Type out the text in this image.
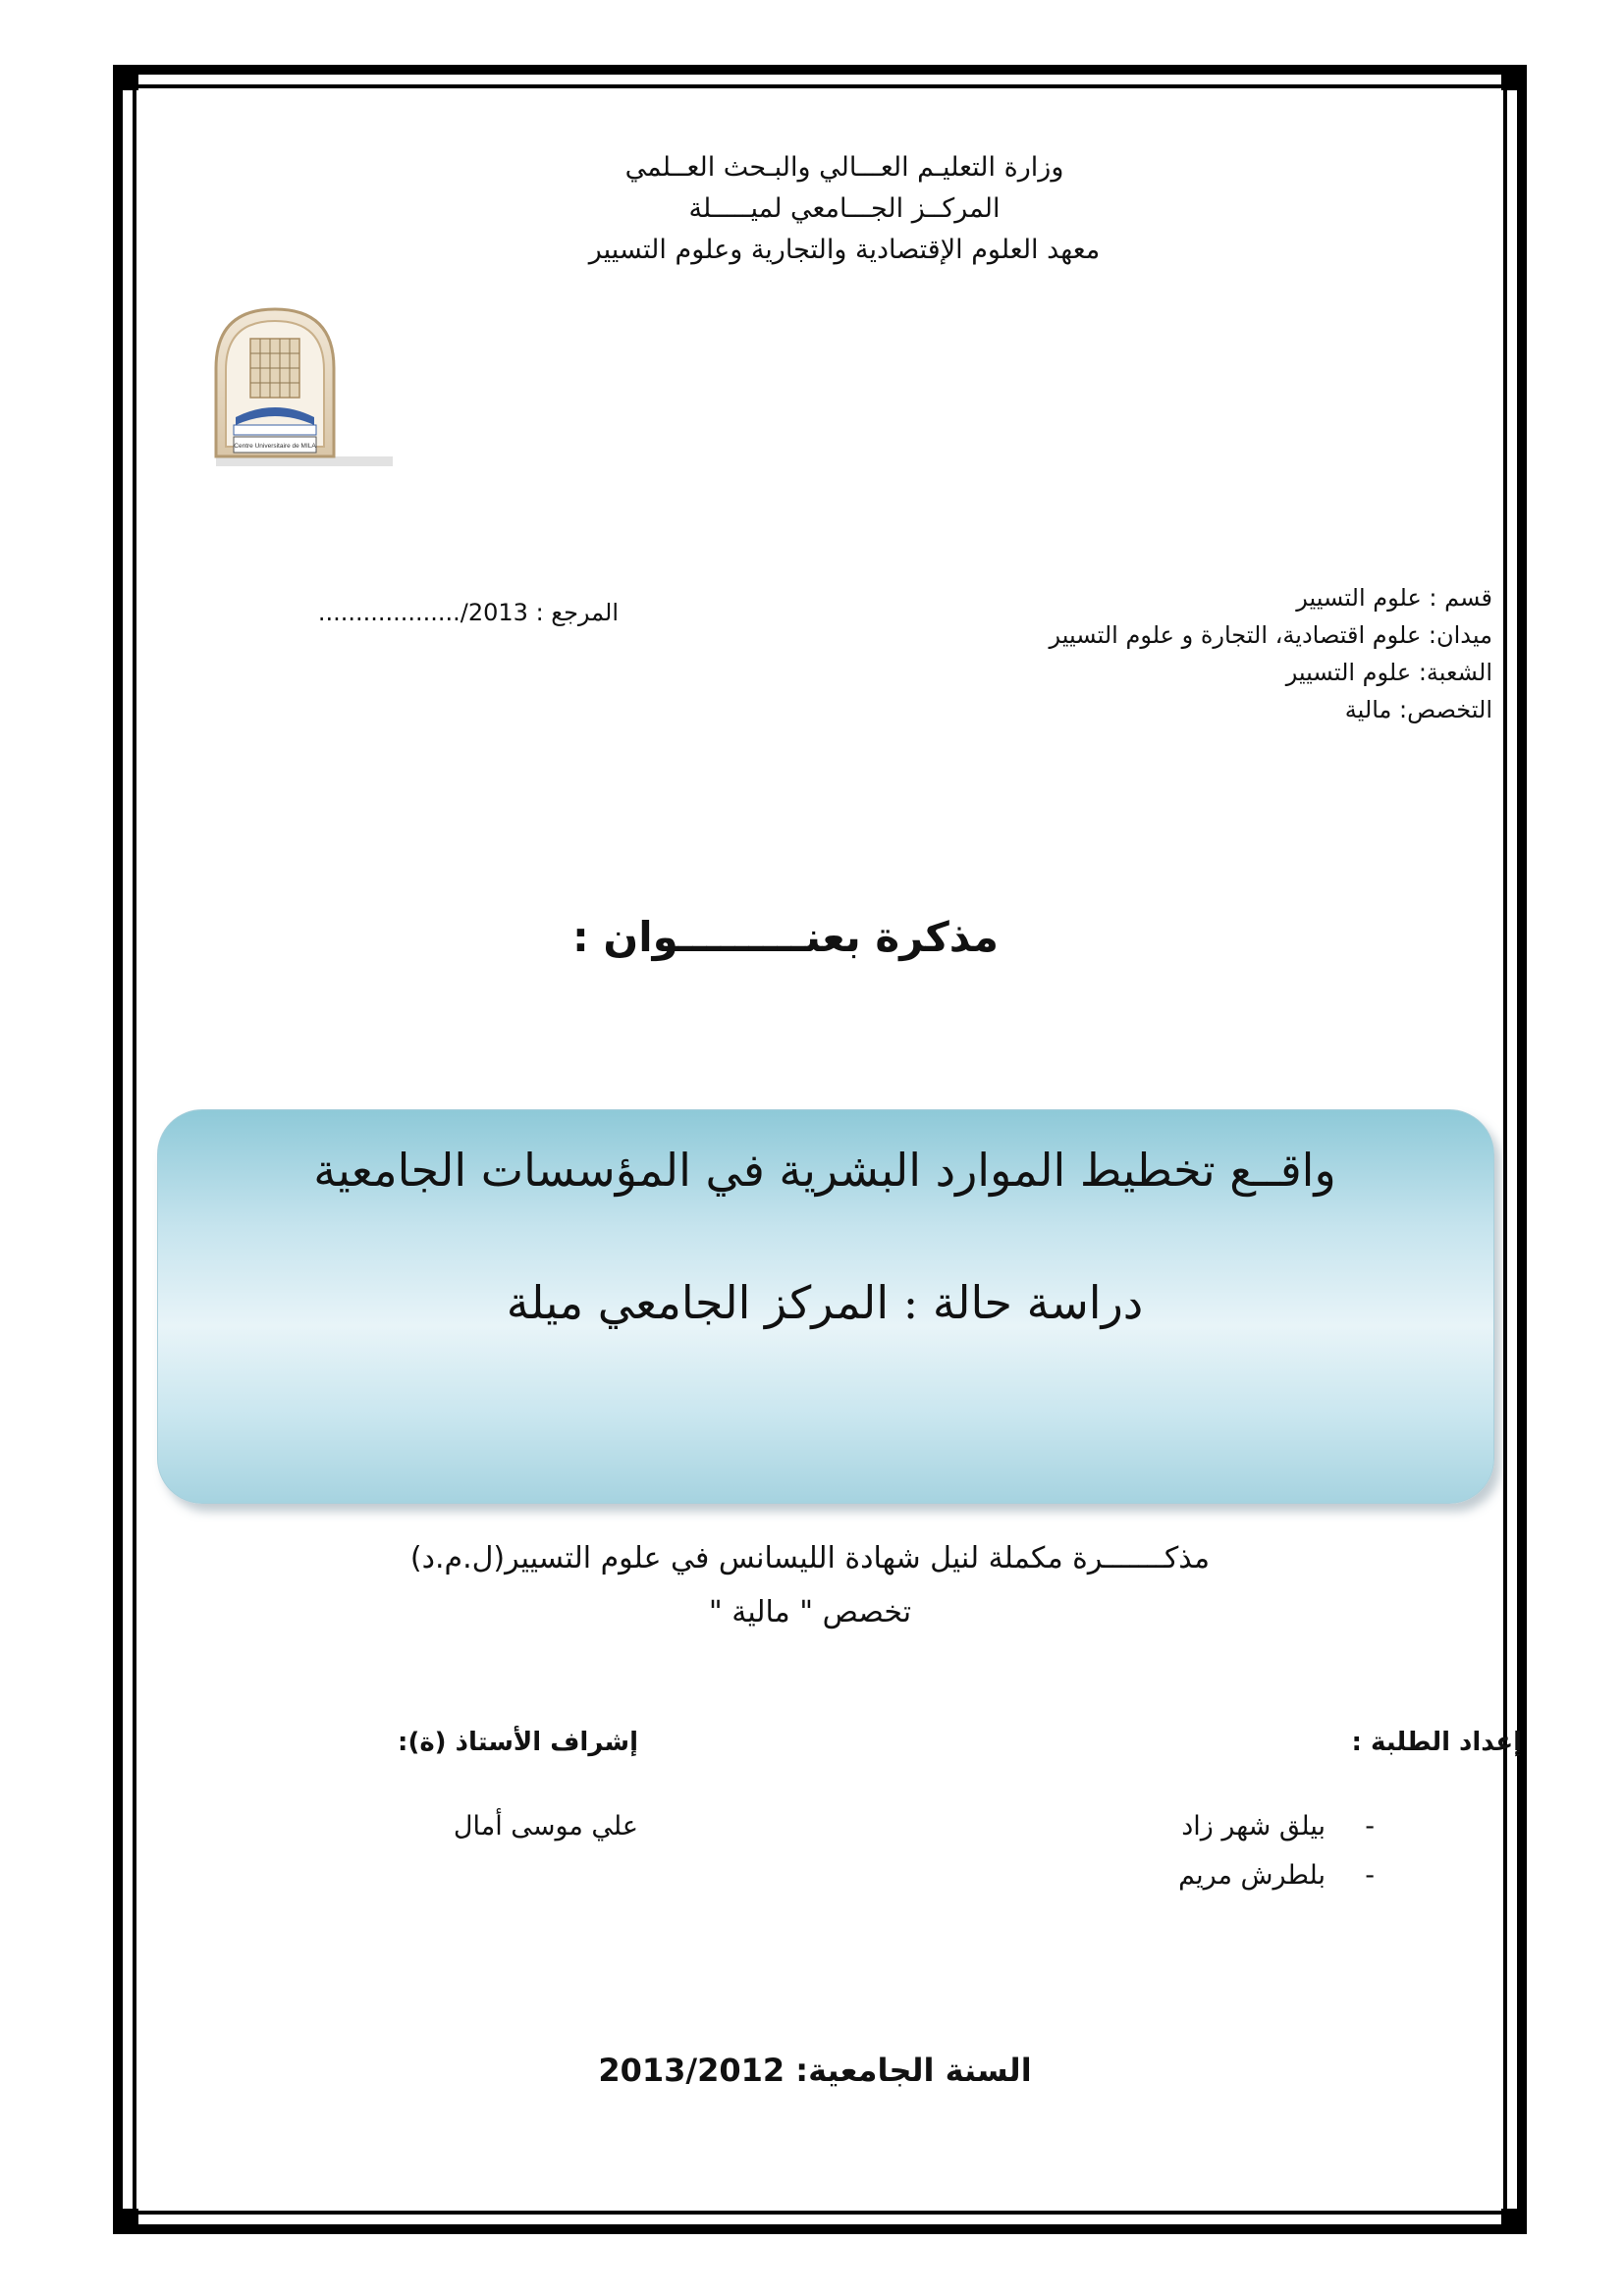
وزارة التعليـم العـــالي والبـحث العــلمي
المركــز الجـــامعي لميـــــلة
معهد العلوم الإقتصادية والتجارية وعلوم التسيير
Centre Universitaire de MILA
قسم : علوم التسيير
ميدان: علوم اقتصادية، التجارة و علوم التسيير
الشعبة: علوم التسيير
التخصص: مالية
المرجع : .................../2013
مذكرة بعنـــــــــوان :
واقــع تخطيط الموارد البشرية في المؤسسات الجامعية
دراسة حالة : المركز الجامعي ميلة
مذكـــــــرة مكملة لنيل شهادة الليسانس في علوم التسيير(ل.م.د)
تخصص " مالية "
إعداد الطلبة :
إشراف الأستاذ (ة):
-
بيلق شهر زاد
-
بلطرش مريم
علي موسى أمال
السنة الجامعية: 2013/2012
